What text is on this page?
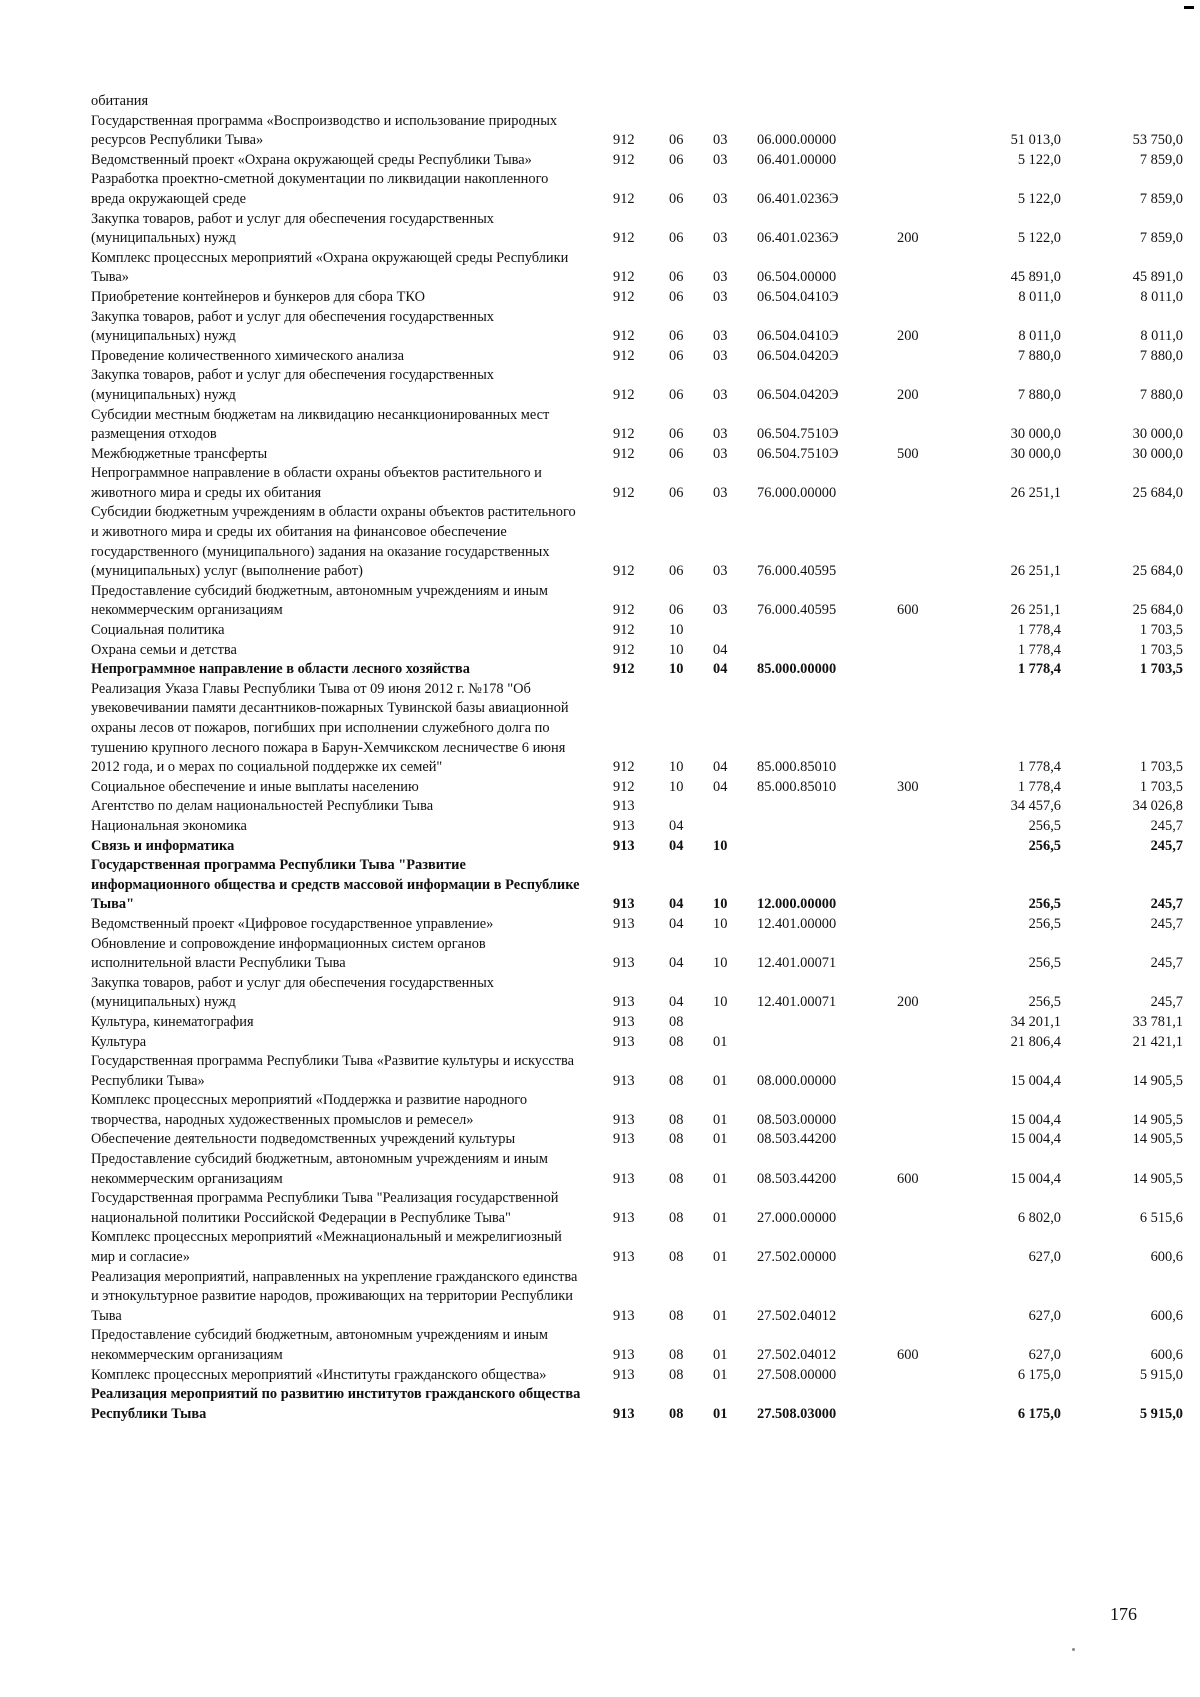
обитания							
Государственная программа «Воспроизводство и использование природных ресурсов Республики Тыва»	912	06	03	06.000.00000		51 013,0	53 750,0
Ведомственный проект «Охрана окружающей среды Республики Тыва»	912	06	03	06.401.00000		5 122,0	7 859,0
Разработка проектно-сметной документации по ликвидации накопленного вреда окружающей среде	912	06	03	06.401.0236Э		5 122,0	7 859,0
Закупка товаров, работ и услуг для обеспечения государственных (муниципальных) нужд	912	06	03	06.401.0236Э	200	5 122,0	7 859,0
Комплекс процессных мероприятий «Охрана окружающей среды Республики Тыва»	912	06	03	06.504.00000		45 891,0	45 891,0
Приобретение контейнеров и бункеров для сбора ТКО	912	06	03	06.504.0410Э		8 011,0	8 011,0
Закупка товаров, работ и услуг для обеспечения государственных (муниципальных) нужд	912	06	03	06.504.0410Э	200	8 011,0	8 011,0
Проведение количественного химического анализа	912	06	03	06.504.0420Э		7 880,0	7 880,0
Закупка товаров, работ и услуг для обеспечения государственных (муниципальных) нужд	912	06	03	06.504.0420Э	200	7 880,0	7 880,0
Субсидии местным бюджетам на ликвидацию несанкционированных мест размещения отходов	912	06	03	06.504.7510Э		30 000,0	30 000,0
Межбюджетные трансферты	912	06	03	06.504.7510Э	500	30 000,0	30 000,0
Непрограммное направление в области охраны объектов растительного и животного мира и среды их обитания	912	06	03	76.000.00000		26 251,1	25 684,0
Субсидии бюджетным учреждениям в области охраны объектов растительного и животного мира и среды их обитания на финансовое обеспечение государственного (муниципального) задания на оказание государственных (муниципальных) услуг (выполнение работ)	912	06	03	76.000.40595		26 251,1	25 684,0
Предоставление субсидий бюджетным, автономным учреждениям и иным некоммерческим организациям	912	06	03	76.000.40595	600	26 251,1	25 684,0
Социальная политика	912	10				1 778,4	1 703,5
Охрана семьи и детства	912	10	04			1 778,4	1 703,5
Непрограммное направление в области лесного хозяйства	912	10	04	85.000.00000		1 778,4	1 703,5
Реализация Указа Главы Республики Тыва от 09 июня 2012 г. №178 "Об увековечивании памяти десантников-пожарных Тувинской базы авиационной охраны лесов от пожаров, погибших при исполнении служебного долга по тушению крупного лесного пожара в Барун-Хемчикском лесничестве 6 июня 2012 года, и о мерах по социальной поддержке их семей"	912	10	04	85.000.85010		1 778,4	1 703,5
Социальное обеспечение и иные выплаты населению	912	10	04	85.000.85010	300	1 778,4	1 703,5
Агентство по делам национальностей Республики Тыва	913					34 457,6	34 026,8
Национальная экономика	913	04				256,5	245,7
Связь и информатика	913	04	10			256,5	245,7
Государственная программа Республики Тыва "Развитие информационного общества и средств массовой информации в Республике Тыва"	913	04	10	12.000.00000		256,5	245,7
Ведомственный проект «Цифровое государственное управление»	913	04	10	12.401.00000		256,5	245,7
Обновление и сопровождение информационных систем органов исполнительной власти Республики Тыва	913	04	10	12.401.00071		256,5	245,7
Закупка товаров, работ и услуг для обеспечения государственных (муниципальных) нужд	913	04	10	12.401.00071	200	256,5	245,7
Культура, кинематография	913	08				34 201,1	33 781,1
Культура	913	08	01			21 806,4	21 421,1
Государственная программа Республики Тыва «Развитие культуры и искусства Республики Тыва»	913	08	01	08.000.00000		15 004,4	14 905,5
Комплекс процессных мероприятий «Поддержка и развитие народного творчества, народных художественных промыслов и ремесел»	913	08	01	08.503.00000		15 004,4	14 905,5
Обеспечение деятельности подведомственных учреждений культуры	913	08	01	08.503.44200		15 004,4	14 905,5
Предоставление субсидий бюджетным, автономным учреждениям и иным некоммерческим организациям	913	08	01	08.503.44200	600	15 004,4	14 905,5
Государственная программа Республики Тыва "Реализация государственной национальной политики Российской Федерации в Республике Тыва"	913	08	01	27.000.00000		6 802,0	6 515,6
Комплекс процессных мероприятий «Межнациональный и межрелигиозный мир и согласие»	913	08	01	27.502.00000		627,0	600,6
Реализация мероприятий, направленных на укрепление гражданского единства и этнокультурное развитие народов, проживающих на территории Республики Тыва	913	08	01	27.502.04012		627,0	600,6
Предоставление субсидий бюджетным, автономным учреждениям и иным некоммерческим организациям	913	08	01	27.502.04012	600	627,0	600,6
Комплекс процессных мероприятий «Институты гражданского общества»	913	08	01	27.508.00000		6 175,0	5 915,0
Реализация мероприятий по развитию институтов гражданского общества Республики Тыва	913	08	01	27.508.03000		6 175,0	5 915,0
176
